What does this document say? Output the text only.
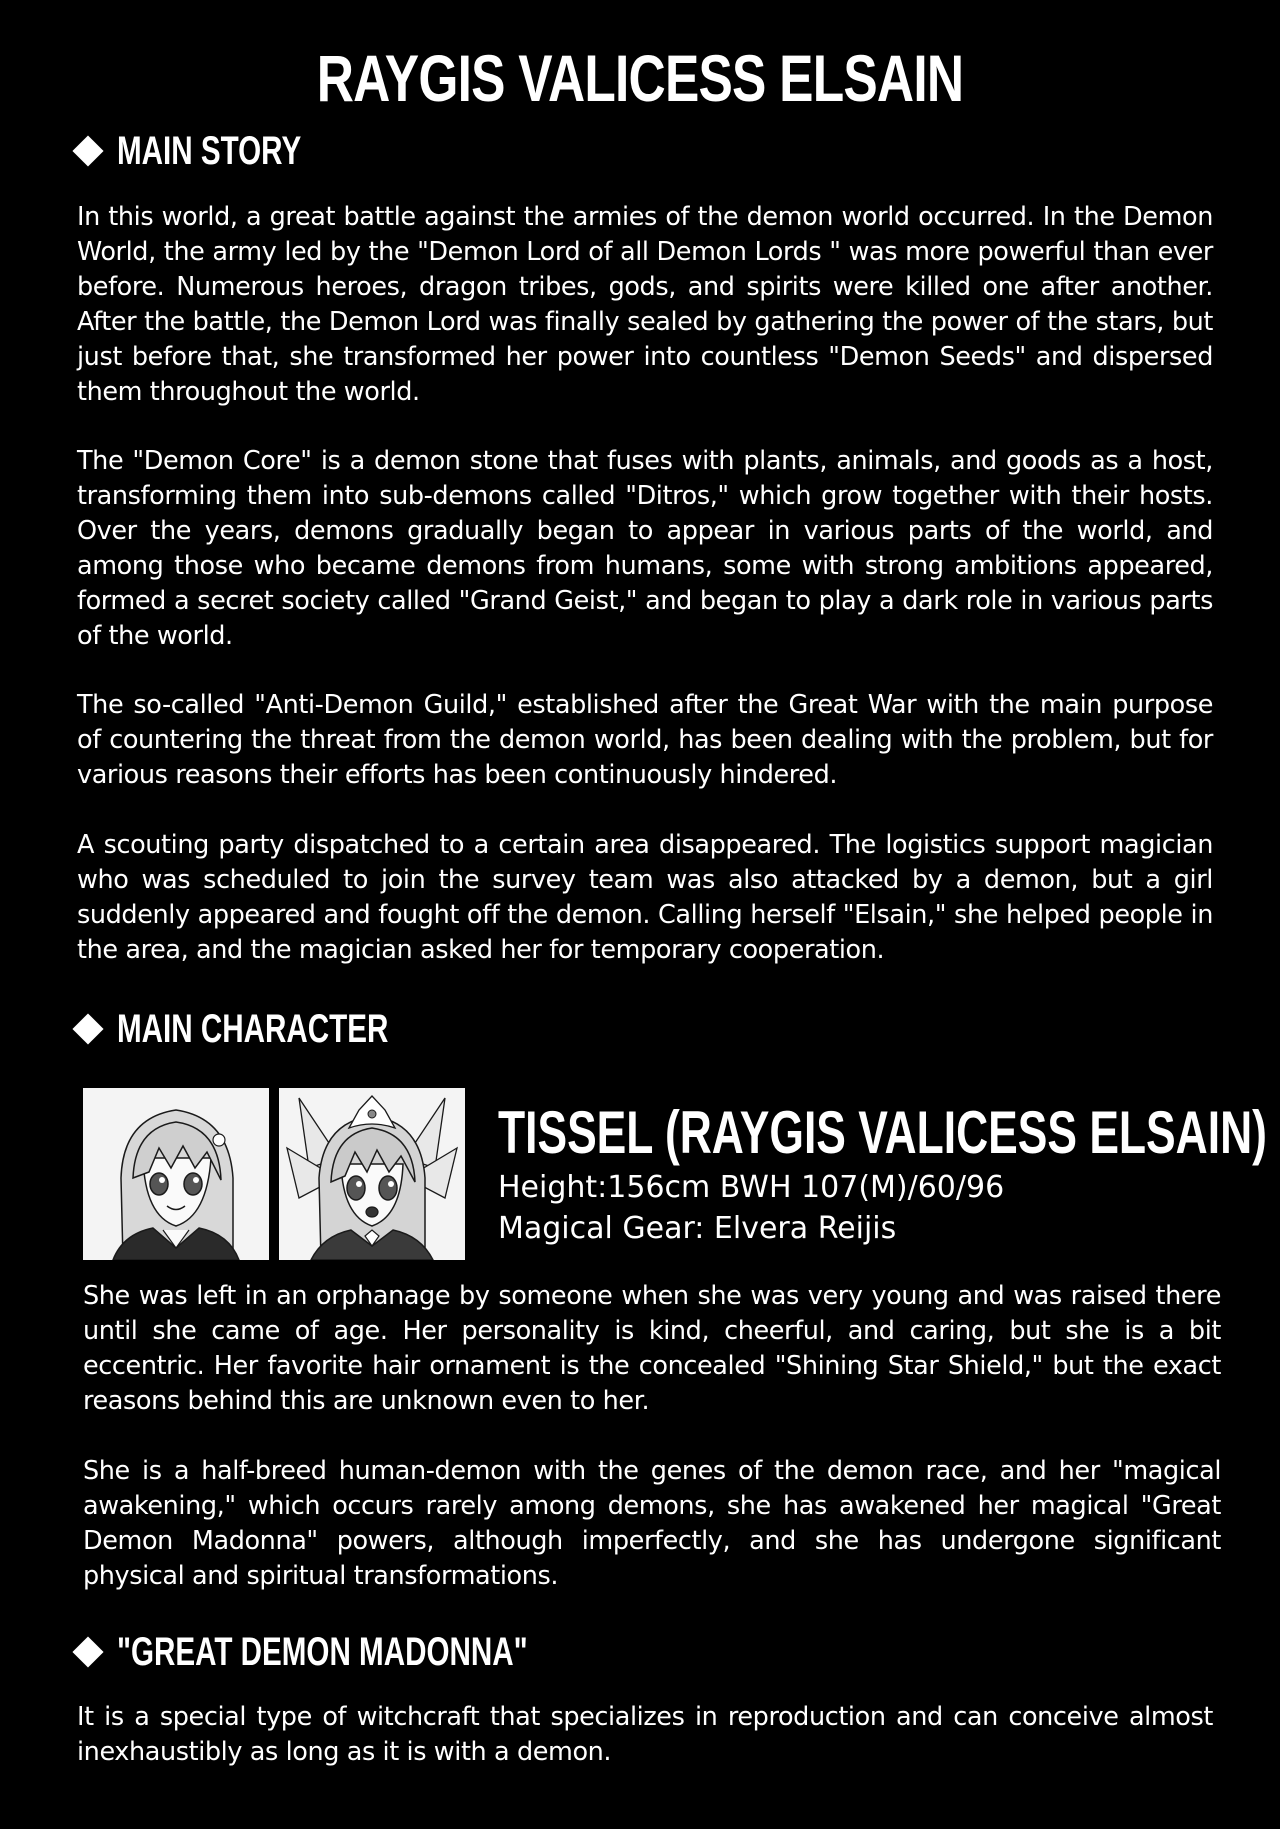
RAYGIS VALICESS ELSAIN
MAIN STORY

In this world, a great battle against the armies of the demon world occurred. In the Demon World, the army led by the "Demon Lord of all Demon Lords " was more powerful than ever before. Numerous heroes, dragon tribes, gods, and spirits were killed one after another. After the battle, the Demon Lord was finally sealed by gathering the power of the stars, but just before that, she transformed her power into countless "Demon Seeds" and dispersed them throughout the world.

The "Demon Core" is a demon stone that fuses with plants, animals, and goods as a host, transforming them into sub-demons called "Ditros," which grow together with their hosts. Over the years, demons gradually began to appear in various parts of the world, and among those who became demons from humans, some with strong ambitions appeared, formed a secret society called "Grand Geist," and began to play a dark role in various parts of the world.

The so-called "Anti-Demon Guild," established after the Great War with the main purpose of countering the threat from the demon world, has been dealing with the problem, but for various reasons their efforts has been continuously hindered.

A scouting party dispatched to a certain area disappeared. The logistics support magician who was scheduled to join the survey team was also attacked by a demon, but a girl suddenly appeared and fought off the demon. Calling herself "Elsain," she helped people in the area, and the magician asked her for temporary cooperation.

MAIN CHARACTER
TISSEL (RAYGIS VALICESS ELSAIN)
Height:156cm BWH 107(M)/60/96
Magical Gear: Elvera Reijis

She was left in an orphanage by someone when she was very young and was raised there until she came of age. Her personality is kind, cheerful, and caring, but she is a bit eccentric. Her favorite hair ornament is the concealed "Shining Star Shield," but the exact reasons behind this are unknown even to her.

She is a half-breed human-demon with the genes of the demon race, and her "magical awakening," which occurs rarely among demons, she has awakened her magical "Great Demon Madonna" powers, although imperfectly, and she has undergone significant physical and spiritual transformations.

"GREAT DEMON MADONNA"

It is a special type of witchcraft that specializes in reproduction and can conceive almost inexhaustibly as long as it is with a demon.
